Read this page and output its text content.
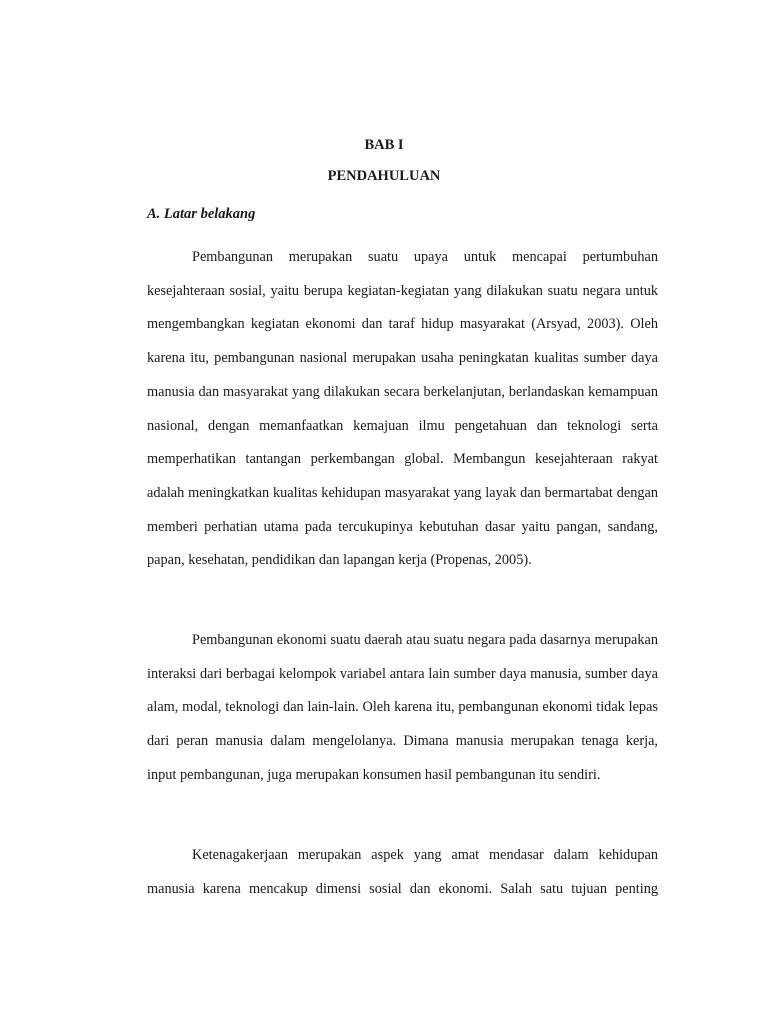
BAB I
PENDAHULUAN
A. Latar belakang

Pembangunan merupakan suatu upaya untuk mencapai pertumbuhan kesejahteraan sosial, yaitu berupa kegiatan-kegiatan yang dilakukan suatu negara untuk mengembangkan kegiatan ekonomi dan taraf hidup masyarakat (Arsyad, 2003). Oleh karena itu, pembangunan nasional merupakan usaha peningkatan kualitas sumber daya manusia dan masyarakat yang dilakukan secara berkelanjutan, berlandaskan kemampuan nasional, dengan memanfaatkan kemajuan ilmu pengetahuan dan teknologi serta memperhatikan tantangan perkembangan global. Membangun kesejahteraan rakyat adalah meningkatkan kualitas kehidupan masyarakat yang layak dan bermartabat dengan memberi perhatian utama pada tercukupinya kebutuhan dasar yaitu pangan, sandang, papan, kesehatan, pendidikan dan lapangan kerja (Propenas, 2005).

Pembangunan ekonomi suatu daerah atau suatu negara pada dasarnya merupakan interaksi dari berbagai kelompok variabel antara lain sumber daya manusia, sumber daya alam, modal, teknologi dan lain-lain. Oleh karena itu, pembangunan ekonomi tidak lepas dari peran manusia dalam mengelolanya. Dimana manusia merupakan tenaga kerja, input pembangunan, juga merupakan konsumen hasil pembangunan itu sendiri.

Ketenagakerjaan merupakan aspek yang amat mendasar dalam kehidupan manusia karena mencakup dimensi sosial dan ekonomi. Salah satu tujuan penting
